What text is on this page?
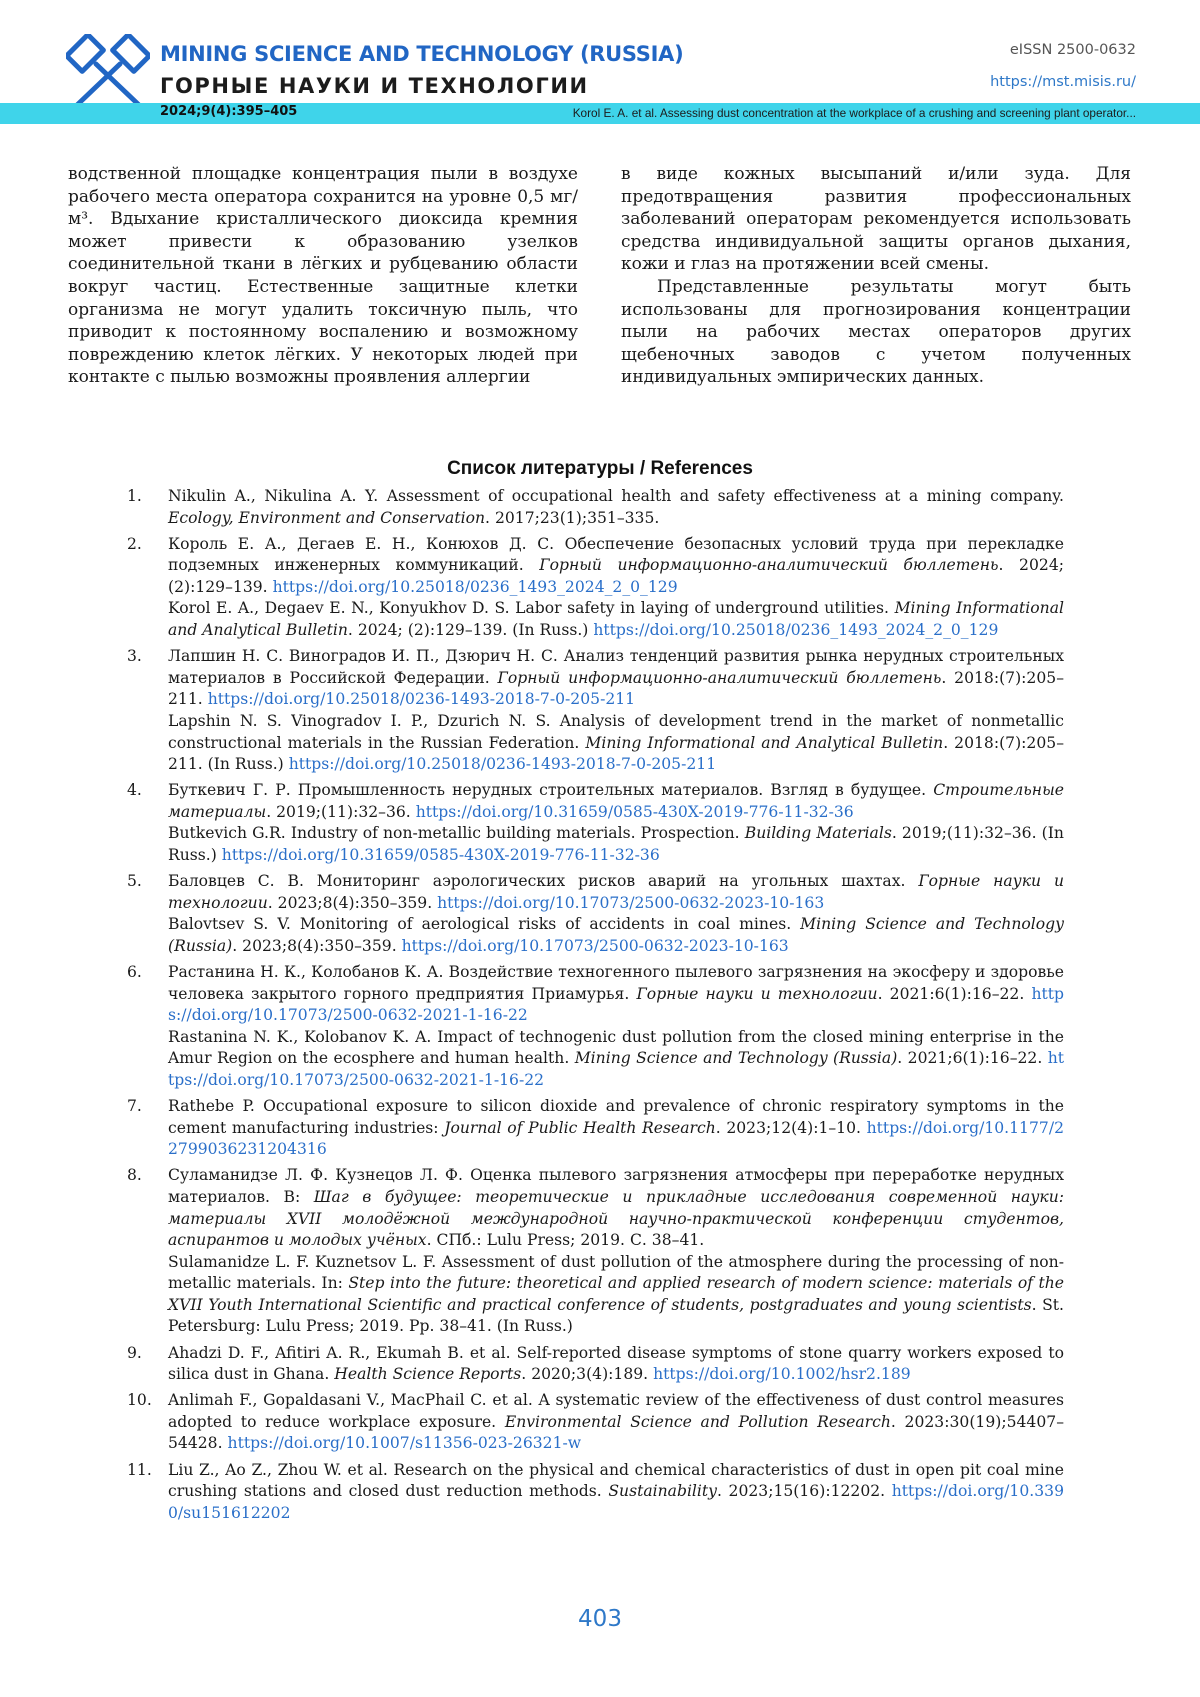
MINING SCIENCE AND TECHNOLOGY (RUSSIA)
ГОРНЫЕ НАУКИ И ТЕХНОЛОГИИ
eISSN 2500-0632
https://mst.misis.ru/
2024;9(4):395–405	Korol E. A. et al. Assessing dust concentration at the workplace of a crushing and screening plant operator...

водственной площадке концентрация пыли в воздухе рабочего места оператора сохранится на уровне 0,5 мг/м³. Вдыхание кристаллического диоксида кремния может привести к образованию узелков соединительной ткани в лёгких и рубцеванию области вокруг частиц. Естественные защитные клетки организма не могут удалить токсичную пыль, что приводит к постоянному воспалению и возможному повреждению клеток лёгких. У некоторых людей при контакте с пылью возможны проявления аллергии

в виде кожных высыпаний и/или зуда. Для предотвращения развития профессиональных заболеваний операторам рекомендуется использовать средства индивидуальной защиты органов дыхания, кожи и глаз на протяжении всей смены.

Представленные результаты могут быть использованы для прогнозирования концентрации пыли на рабочих местах операторов других щебеночных заводов с учетом полученных индивидуальных эмпирических данных.

Список литературы / References
1. Nikulin A., Nikulina A. Y. Assessment of occupational health and safety effectiveness at a mining company. Ecology, Environment and Conservation. 2017;23(1);351–335.
2. Король Е. А., Дегаев Е. Н., Конюхов Д. С. Обеспечение безопасных условий труда при перекладке подземных инженерных коммуникаций. Горный информационно-аналитический бюллетень. 2024;(2):129–139. https://doi.org/10.25018/0236_1493_2024_2_0_129
Korol E. A., Degaev E. N., Konyukhov D. S. Labor safety in laying of underground utilities. Mining Informational and Analytical Bulletin. 2024; (2):129–139. (In Russ.) https://doi.org/10.25018/0236_1493_2024_2_0_129
3. Лапшин Н. С. Виноградов И. П., Дзюрич Н. С. Анализ тенденций развития рынка нерудных строительных материалов в Российской Федерации. Горный информационно-аналитический бюллетень. 2018:(7):205–211. https://doi.org/10.25018/0236-1493-2018-7-0-205-211
Lapshin N. S. Vinogradov I. P., Dzurich N. S. Analysis of development trend in the market of nonmetallic constructional materials in the Russian Federation. Mining Informational and Analytical Bulletin. 2018:(7):205–211. (In Russ.) https://doi.org/10.25018/0236-1493-2018-7-0-205-211
4. Буткевич Г. Р. Промышленность нерудных строительных материалов. Взгляд в будущее. Строительные материалы. 2019;(11):32–36. https://doi.org/10.31659/0585-430X-2019-776-11-32-36
Butkevich G.R. Industry of non-metallic building materials. Prospection. Building Materials. 2019;(11):32–36. (In Russ.) https://doi.org/10.31659/0585-430X-2019-776-11-32-36
5. Баловцев С. В. Мониторинг аэрологических рисков аварий на угольных шахтах. Горные науки и технологии. 2023;8(4):350–359. https://doi.org/10.17073/2500-0632-2023-10-163
Balovtsev S. V. Monitoring of aerological risks of accidents in coal mines. Mining Science and Technology (Russia). 2023;8(4):350–359. https://doi.org/10.17073/2500-0632-2023-10-163
6. Растанина Н. К., Колобанов К. А. Воздействие техногенного пылевого загрязнения на экосферу и здоровье человека закрытого горного предприятия Приамурья. Горные науки и технологии. 2021:6(1):16–22. https://doi.org/10.17073/2500-0632-2021-1-16-22
Rastanina N. K., Kolobanov K. A. Impact of technogenic dust pollution from the closed mining enterprise in the Amur Region on the ecosphere and human health. Mining Science and Technology (Russia). 2021;6(1):16–22. https://doi.org/10.17073/2500-0632-2021-1-16-22
7. Rathebe P. Occupational exposure to silicon dioxide and prevalence of chronic respiratory symptoms in the cement manufacturing industries: Journal of Public Health Research. 2023;12(4):1–10. https://doi.org/10.1177/22799036231204316
8. Суламанидзе Л. Ф. Кузнецов Л. Ф. Оценка пылевого загрязнения атмосферы при переработке нерудных материалов. В: Шаг в будущее: теоретические и прикладные исследования современной науки: материалы XVII молодёжной международной научно-практической конференции студентов, аспирантов и молодых учёных. СПб.: Lulu Press; 2019. С. 38–41.
Sulamanidze L. F. Kuznetsov L. F. Assessment of dust pollution of the atmosphere during the processing of non-metallic materials. In: Step into the future: theoretical and applied research of modern science: materials of the XVII Youth International Scientific and practical conference of students, postgraduates and young scientists. St. Petersburg: Lulu Press; 2019. Pp. 38–41. (In Russ.)
9. Ahadzi D. F., Afitiri A. R., Ekumah B. et al. Self-reported disease symptoms of stone quarry workers exposed to silica dust in Ghana. Health Science Reports. 2020;3(4):189. https://doi.org/10.1002/hsr2.189
10. Anlimah F., Gopaldasani V., MacPhail C. et al. A systematic review of the effectiveness of dust control measures adopted to reduce workplace exposure. Environmental Science and Pollution Research. 2023:30(19);54407–54428. https://doi.org/10.1007/s11356-023-26321-w
11. Liu Z., Ao Z., Zhou W. et al. Research on the physical and chemical characteristics of dust in open pit coal mine crushing stations and closed dust reduction methods. Sustainability. 2023;15(16):12202. https://doi.org/10.3390/su151612202
403
